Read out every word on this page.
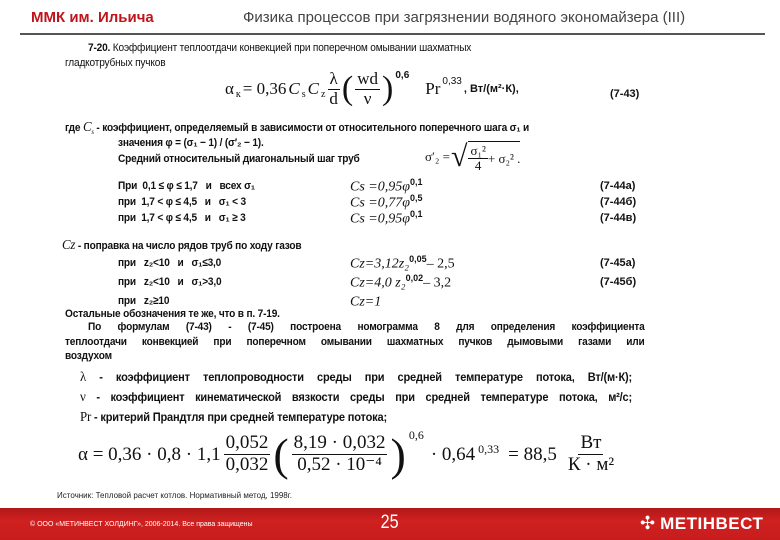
ММК им. Ильича	Физика процессов при загрязнении водяного экономайзера (III)
7-20. Коэффициент теплоотдачи конвекцией при поперечном омывании шахматных
гладкотрубных пучков
$\alpha_к = 0,36$ $C_s$ $C_z \frac{\lambda}{d}$ ( $\frac{wd}{\nu} )^{0,6}$
Pr$^{0,33}$
, Вт/(м²·К),	(7-43)
где $C_s$ - коэффициент, определяемый в зависимости от относительного поперечного шага σ₁ и
значения φ = (σ₁ − 1) / (σ′₂ − 1).
Средний относительный диагональный шаг труб	σ′₂ = √ $\frac{\text{σ₁²}}{4} + \sigma_2^2$ .
При  0,1 ≤ φ ≤ 1,7   и   всех σ₁	$Cs =0,95\varphi^{0,1}$	(7-44а)
при  1,7 < φ ≤ 4,5   и   σ₁ < 3	$Cs =0,77\varphi^{0,5}$	(7-44б)
при  1,7 < φ ≤ 4,5   и   σ₁ ≥ 3	$Cs =0,95\varphi^{0,1}$	(7-44в)
Cz - поправка на число рядов труб по ходу газов
при   z₂<10   и   σ₁≤3,0	Cz=3,12z₂$^{0,05}$– 2,5	(7-45а)
при   z₂<10   и   σ₁>3,0	Cz=4,0 z₂$^{0,02}$– 3,2	(7-45б)
при   z₂≥10	Cz=1
Остальные обозначения те же, что в п. 7-19.
По формулам (7-43) - (7-45) построена номограмма 8 для определения коэффициента
теплоотдачи конвекцией при поперечном омывании шахматных пучков дымовыми газами или
воздухом
λ - коэффициент теплопроводности среды при средней температуре потока, Вт/(м·К);
ν - коэффициент кинематической вязкости среды при средней температуре потока, м²/с;
Pr - критерий Прандтля при средней температуре потока;
$\alpha = 0,36 \cdot 0,8 \cdot 1,1 \frac{0,052}{0,032}$ ( $\frac{8,19 \cdot 0,032}{\text{0,52 · 10⁻⁴}}$ ) $^{0,6}$
· 0,64 $^{0,33} = 88,5 \frac{Вт}{\text{К · м²}}$
Источник: Тепловой расчет котлов. Нормативный метод, 1998г.
© ООО «МЕТИНВЕСТ ХОЛДИНГ», 2006-2014. Все права защищены	25	✣ МЕТІНВЕСТ
